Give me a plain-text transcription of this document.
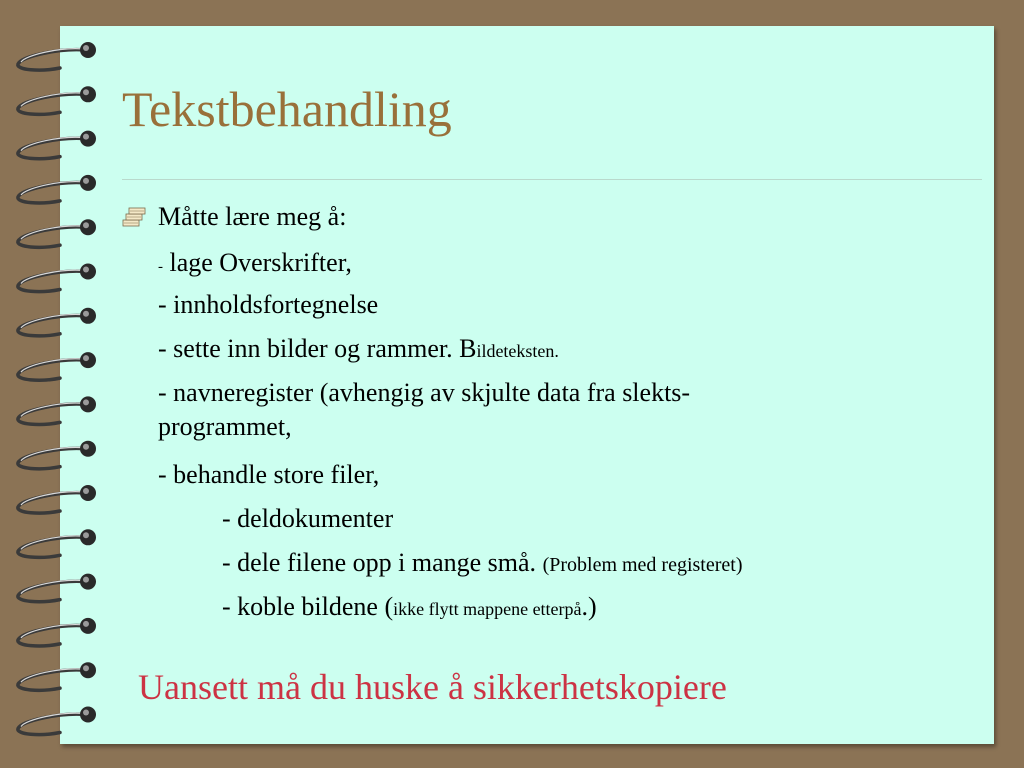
Tekstbehandling
Måtte lære meg å:
- lage Overskrifter,
- innholdsfortegnelse
- sette inn bilder og rammer. Bildeteksten.
- navneregister (avhengig av skjulte data fra slekts-
programmet,
- behandle store filer,
- deldokumenter
- dele filene opp i mange små. (Problem med registeret)
- koble bildene (ikke flytt mappene etterpå.)
Uansett må du huske å sikkerhetskopiere
